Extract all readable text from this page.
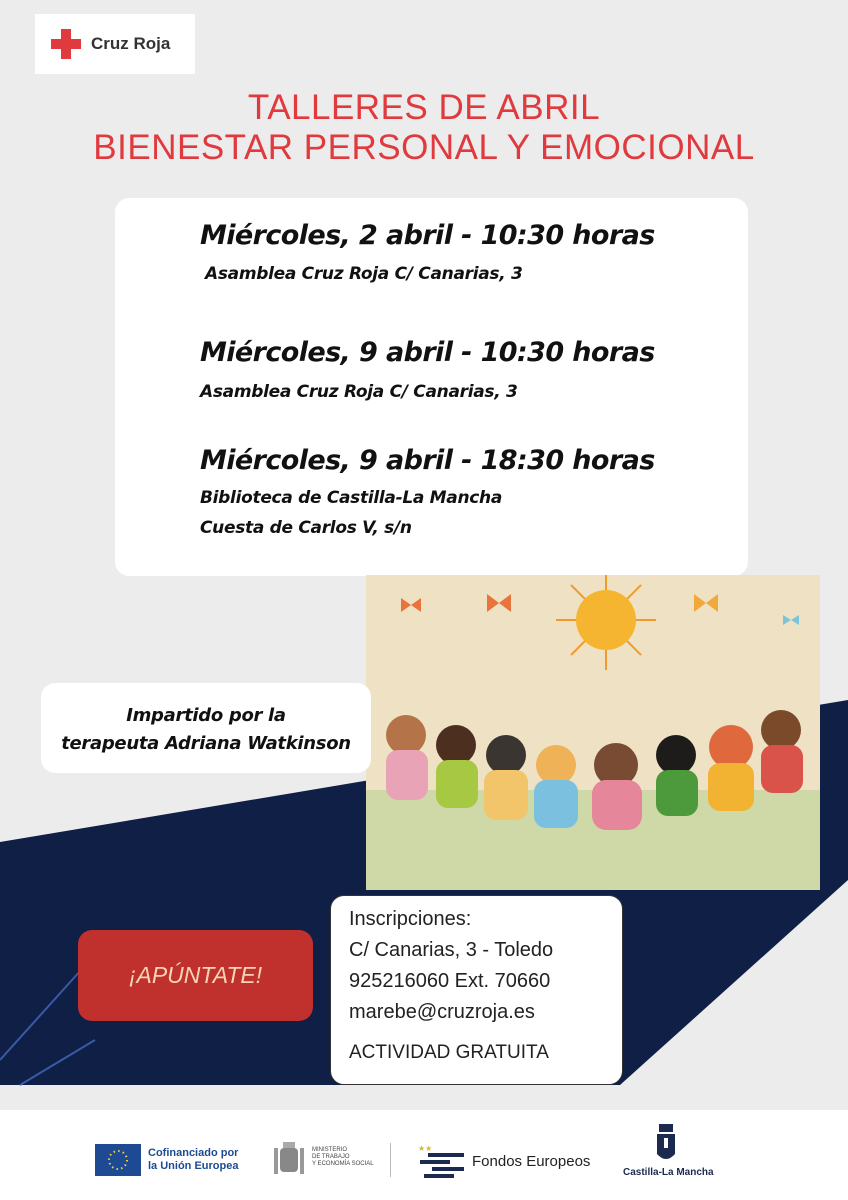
Cruz Roja
TALLERES DE ABRIL
BIENESTAR PERSONAL Y EMOCIONAL
Miércoles, 2 abril - 10:30 horas
Asamblea Cruz Roja C/ Canarias, 3
Miércoles, 9 abril - 10:30 horas
Asamblea Cruz Roja C/ Canarias, 3
Miércoles, 9 abril - 18:30 horas
Biblioteca de Castilla-La Mancha
Cuesta de Carlos V, s/n
Impartido por la
terapeuta Adriana Watkinson
¡APÚNTATE!
Inscripciones:
C/ Canarias, 3 - Toledo
925216060 Ext. 70660
marebe@cruzroja.es
ACTIVIDAD GRATUITA
Cofinanciado por
la Unión Europea
MINISTERIO
DE TRABAJO
Y ECONOMÍA SOCIAL
★★
Fondos Europeos
Castilla-La Mancha
